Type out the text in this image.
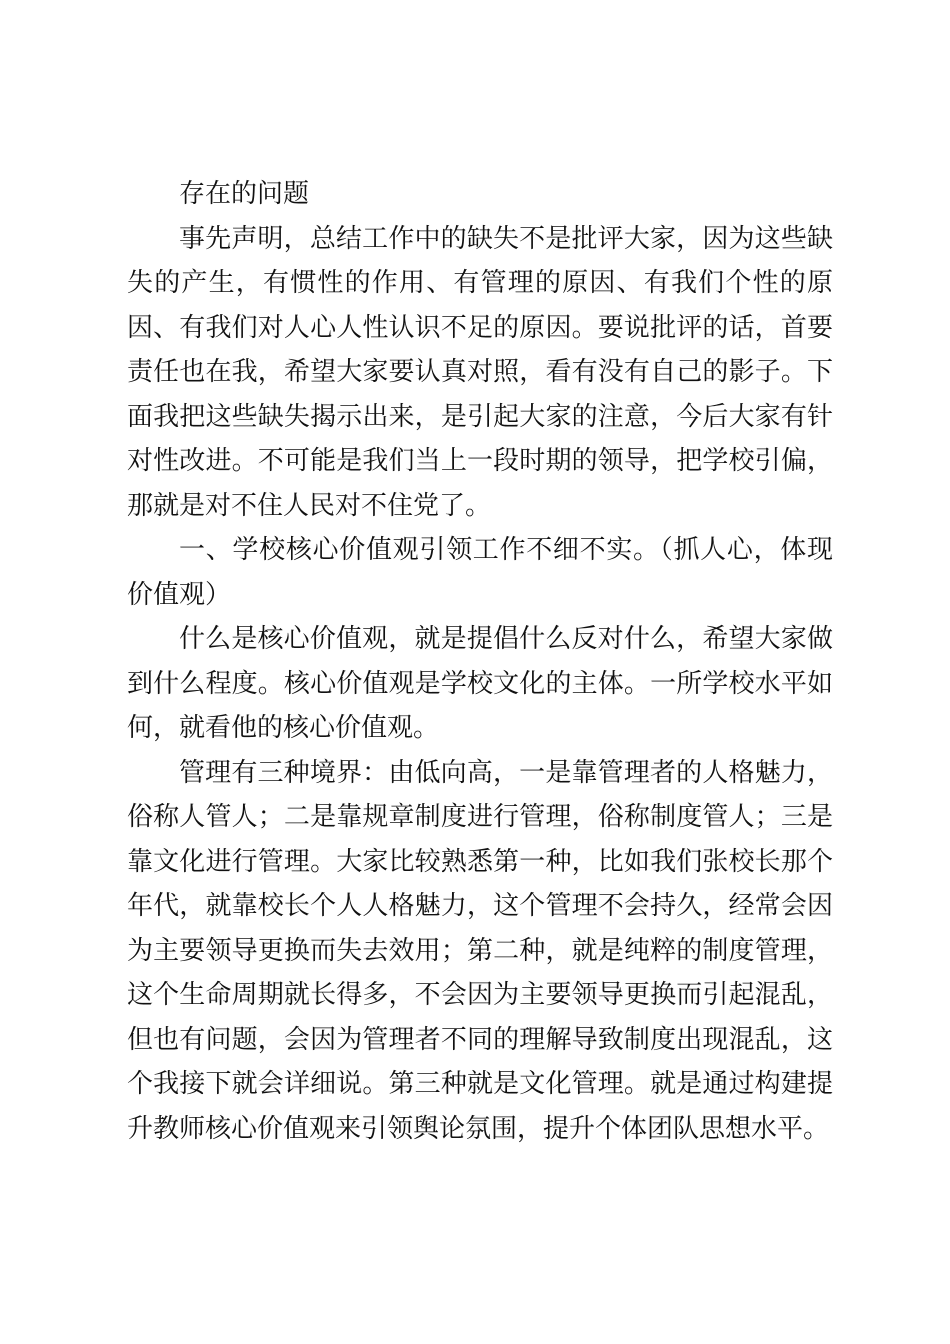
存在的问题

事先声明，总结工作中的缺失不是批评大家，因为这些缺失的产生，有惯性的作用、有管理的原因、有我们个性的原因、有我们对人心人性认识不足的原因。要说批评的话，首要责任也在我，希望大家要认真对照，看有没有自己的影子。下面我把这些缺失揭示出来，是引起大家的注意，今后大家有针对性改进。不可能是我们当上一段时期的领导，把学校引偏，那就是对不住人民对不住党了。

一、学校核心价值观引领工作不细不实。（抓人心，体现价值观）

什么是核心价值观，就是提倡什么反对什么，希望大家做到什么程度。核心价值观是学校文化的主体。一所学校水平如何，就看他的核心价值观。

管理有三种境界：由低向高，一是靠管理者的人格魅力，俗称人管人；二是靠规章制度进行管理，俗称制度管人；三是靠文化进行管理。大家比较熟悉第一种，比如我们张校长那个年代，就靠校长个人人格魅力，这个管理不会持久，经常会因为主要领导更换而失去效用；第二种，就是纯粹的制度管理，这个生命周期就长得多，不会因为主要领导更换而引起混乱，但也有问题，会因为管理者不同的理解导致制度出现混乱，这个我接下就会详细说。第三种就是文化管理。就是通过构建提升教师核心价值观来引领舆论氛围，提升个体团队思想水平。
